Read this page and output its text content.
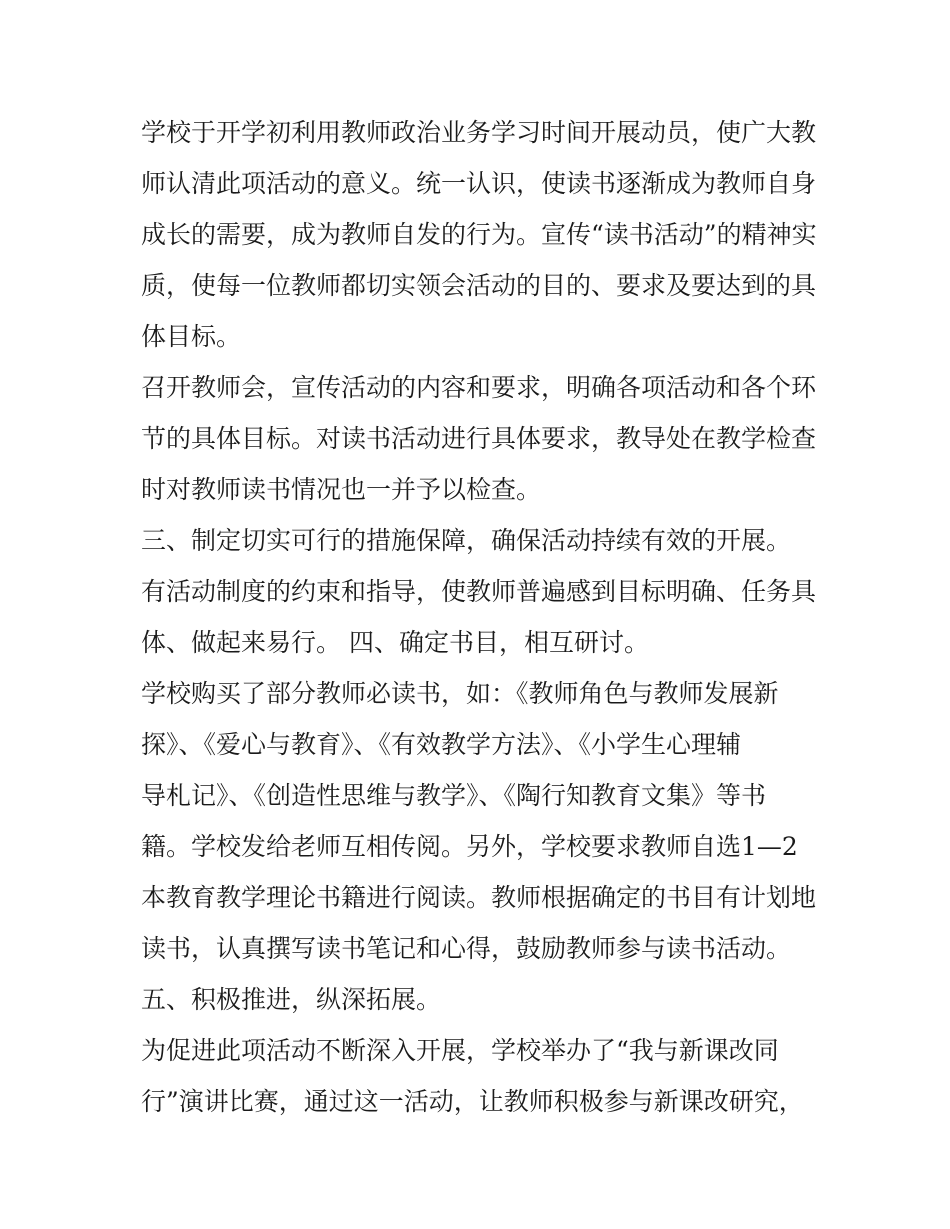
学校于开学初利用教师政治业务学习时间开展动员，使广大教
师认清此项活动的意义。统一认识，使读书逐渐成为教师自身
成长的需要，成为教师自发的行为。宣传“读书活动”的精神实
质，使每一位教师都切实领会活动的目的、要求及要达到的具
体目标。
召开教师会，宣传活动的内容和要求，明确各项活动和各个环
节的具体目标。对读书活动进行具体要求，教导处在教学检查
时对教师读书情况也一并予以检查。
三、制定切实可行的措施保障，确保活动持续有效的开展。
有活动制度的约束和指导，使教师普遍感到目标明确、任务具
体、做起来易行。 四、确定书目，相互研讨。
学校购买了部分教师必读书，如：《教师角色与教师发展新
探》、《爱心与教育》、《有效教学方法》、《小学生心理辅
导札记》、《创造性思维与教学》、《陶行知教育文集》等书
籍。学校发给老师互相传阅。另外，学校要求教师自选1—2
本教育教学理论书籍进行阅读。教师根据确定的书目有计划地
读书，认真撰写读书笔记和心得，鼓励教师参与读书活动。
五、积极推进，纵深拓展。
为促进此项活动不断深入开展，学校举办了“我与新课改同
行”演讲比赛，通过这一活动，让教师积极参与新课改研究，
